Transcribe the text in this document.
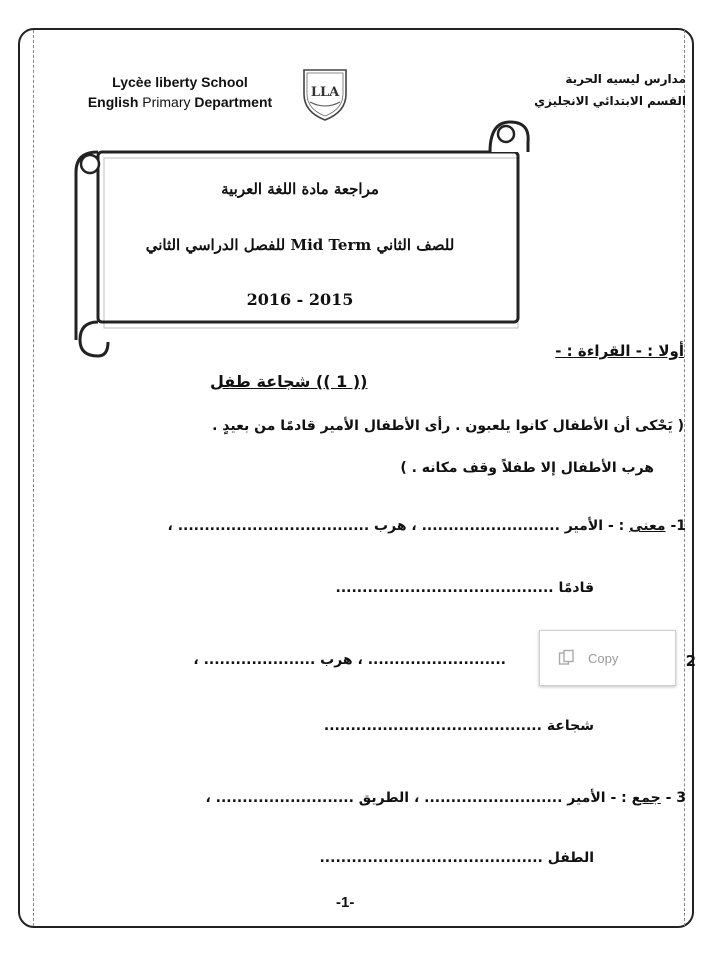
Lycèe liberty School
English Primary Department
LLA
مدارس ليسيه الحرية
القسم الابتدائي الانجليزي
مراجعة مادة اللغة العربية
للصف الثاني Mid Term للفصل الدراسي الثاني
2016 - 2015
أولا : - القراءة : -
(( 1 )) شجاعة طفل
( يَحْكى أن الأطفال كانوا يلعبون . رأى الأطفال الأمير قادمًا من بعيدٍ .
هرب الأطفال إلا طفلاً وقف مكانه . )
1- معنى : - الأمير .......................... ، هرب .................................... ،
قادمًا .........................................
.......................... ، هرب ..................... ،	2
شجاعة .........................................
3 - جمع : - الأمير .......................... ، الطريق .......................... ،
الطفل ..........................................
Copy
-1-
